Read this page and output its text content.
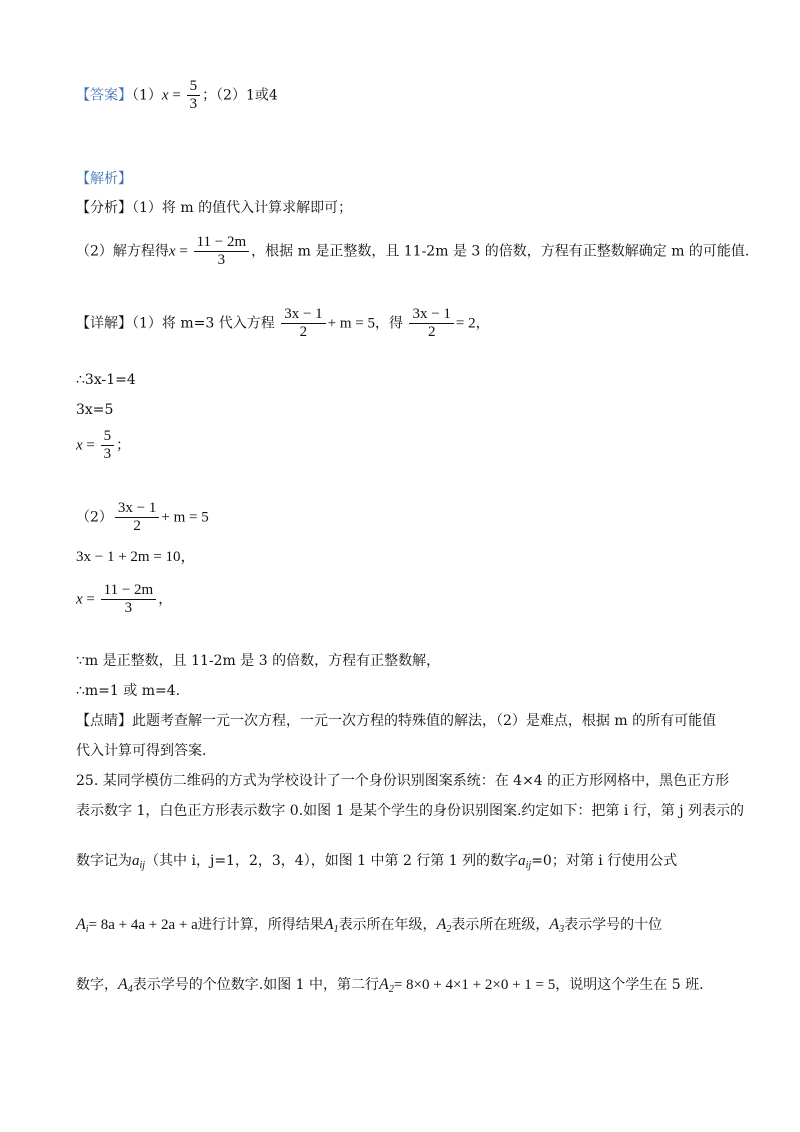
【答案】$(1)x = \frac{5}{3}$ ；（2）1或4
【解析】
【分析】（1）将 m 的值代入计算求解即可；
（2）解方程得$x = \frac{11 - 2m}{3}$ ，根据 m 是正整数，且 11-2m 是 3 的倍数，方程有正整数解确定 m 的可能值.
【详解】（1）将 m=3 代入方程 $\frac{3x - 1}{2} + m = 5$，得 $\frac{3x - 1}{2} = 2$，
∴3x-1=4
3x=5
$x = \frac{5}{3}$ ；
$(2) \frac{3x - 1}{2} + m = 5$
3x − 1 + 2m = 10，
$x = \frac{11 - 2m}{3}$ ，
∵m 是正整数，且 11-2m 是 3 的倍数，方程有正整数解，
∴m=1 或 m=4.
【点睛】此题考查解一元一次方程，一元一次方程的特殊值的解法，（2）是难点，根据 m 的所有可能值
代入计算可得到答案.
25. 某同学模仿二维码的方式为学校设计了一个身份识别图案系统：在 4×4 的正方形网格中，黑色正方形
表示数字 1，白色正方形表示数字 0.如图 1 是某个学生的身份识别图案.约定如下：把第 i 行，第 j 列表示的
数字记为$a_{ij}$（其中 i，j=1，2，3，4），如图 1 中第 2 行第 1 列的数字$a_{ij}=0$；对第 i 行使用公式
$A_i= 8a + 4a + 2a + a$进行计算，所得结果$A_1$表示所在年级，$A_2$表示所在班级，$A_3$表示学号的十位
数字，$A_4$表示学号的个位数字.如图 1 中，第二行$A_2= 8\times 0 + 4\times 1 + 2\times 0 + 1 = 5$，说明这个学生在 5 班.
